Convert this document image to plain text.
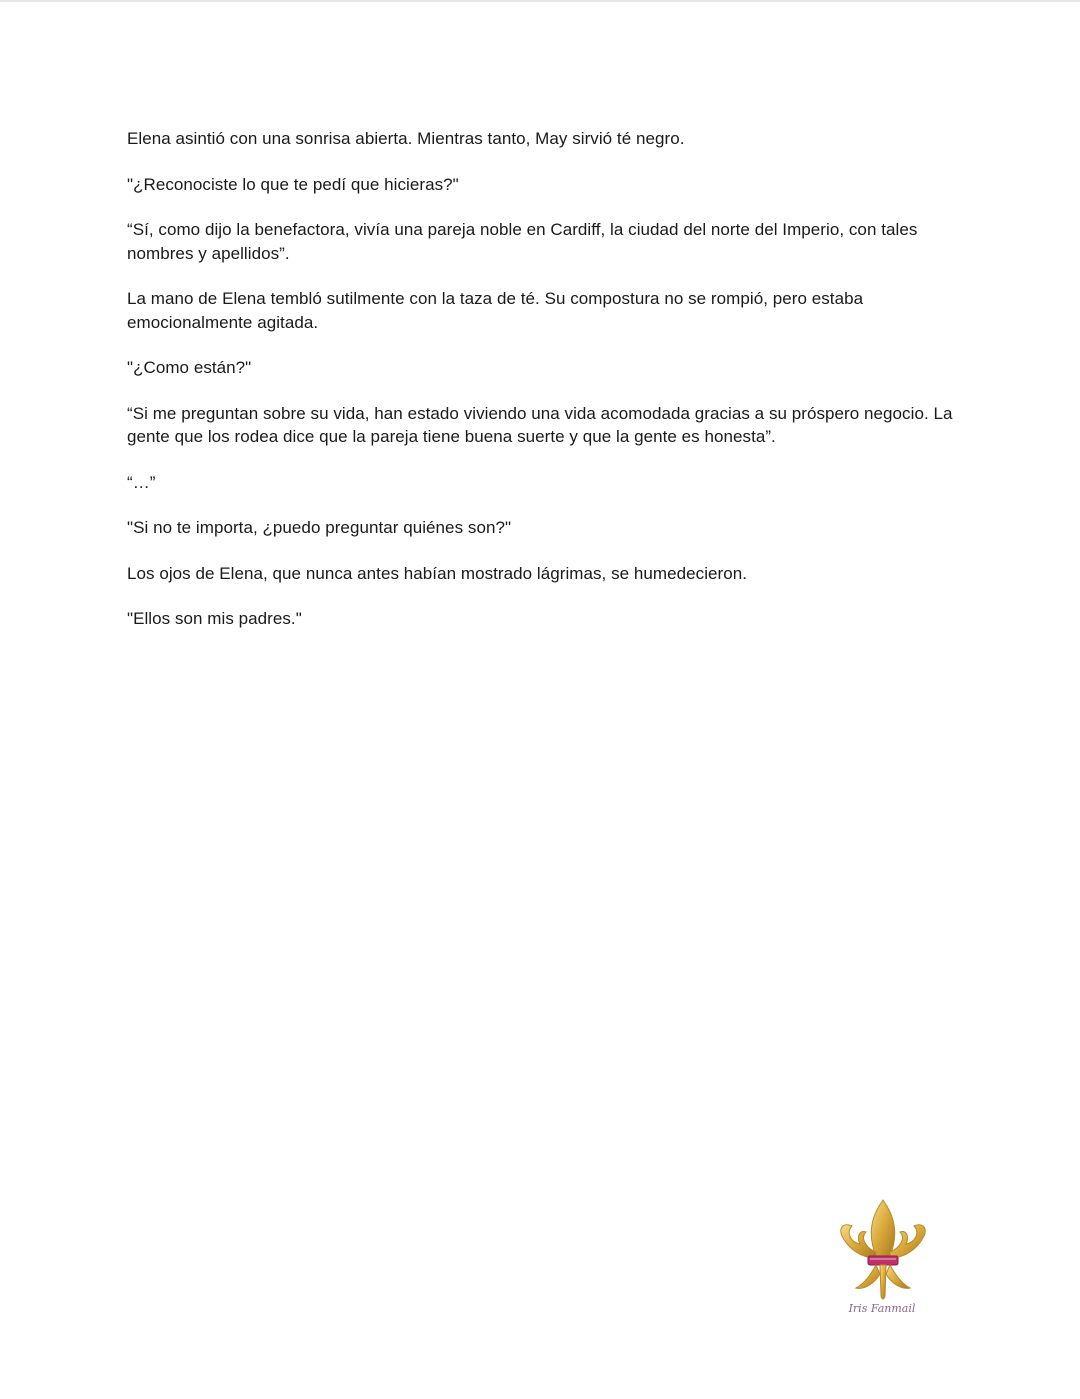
Elena asintió con una sonrisa abierta. Mientras tanto, May sirvió té negro.

"¿Reconociste lo que te pedí que hicieras?"

“Sí, como dijo la benefactora, vivía una pareja noble en Cardiff, la ciudad del norte del Imperio, con tales nombres y apellidos”.

La mano de Elena tembló sutilmente con la taza de té. Su compostura no se rompió, pero estaba emocionalmente agitada.

"¿Como están?"

“Si me preguntan sobre su vida, han estado viviendo una vida acomodada gracias a su próspero negocio. La gente que los rodea dice que la pareja tiene buena suerte y que la gente es honesta”.

“…”

"Si no te importa, ¿puedo preguntar quiénes son?"

Los ojos de Elena, que nunca antes habían mostrado lágrimas, se humedecieron.

"Ellos son mis padres."

Iris Fanmail
